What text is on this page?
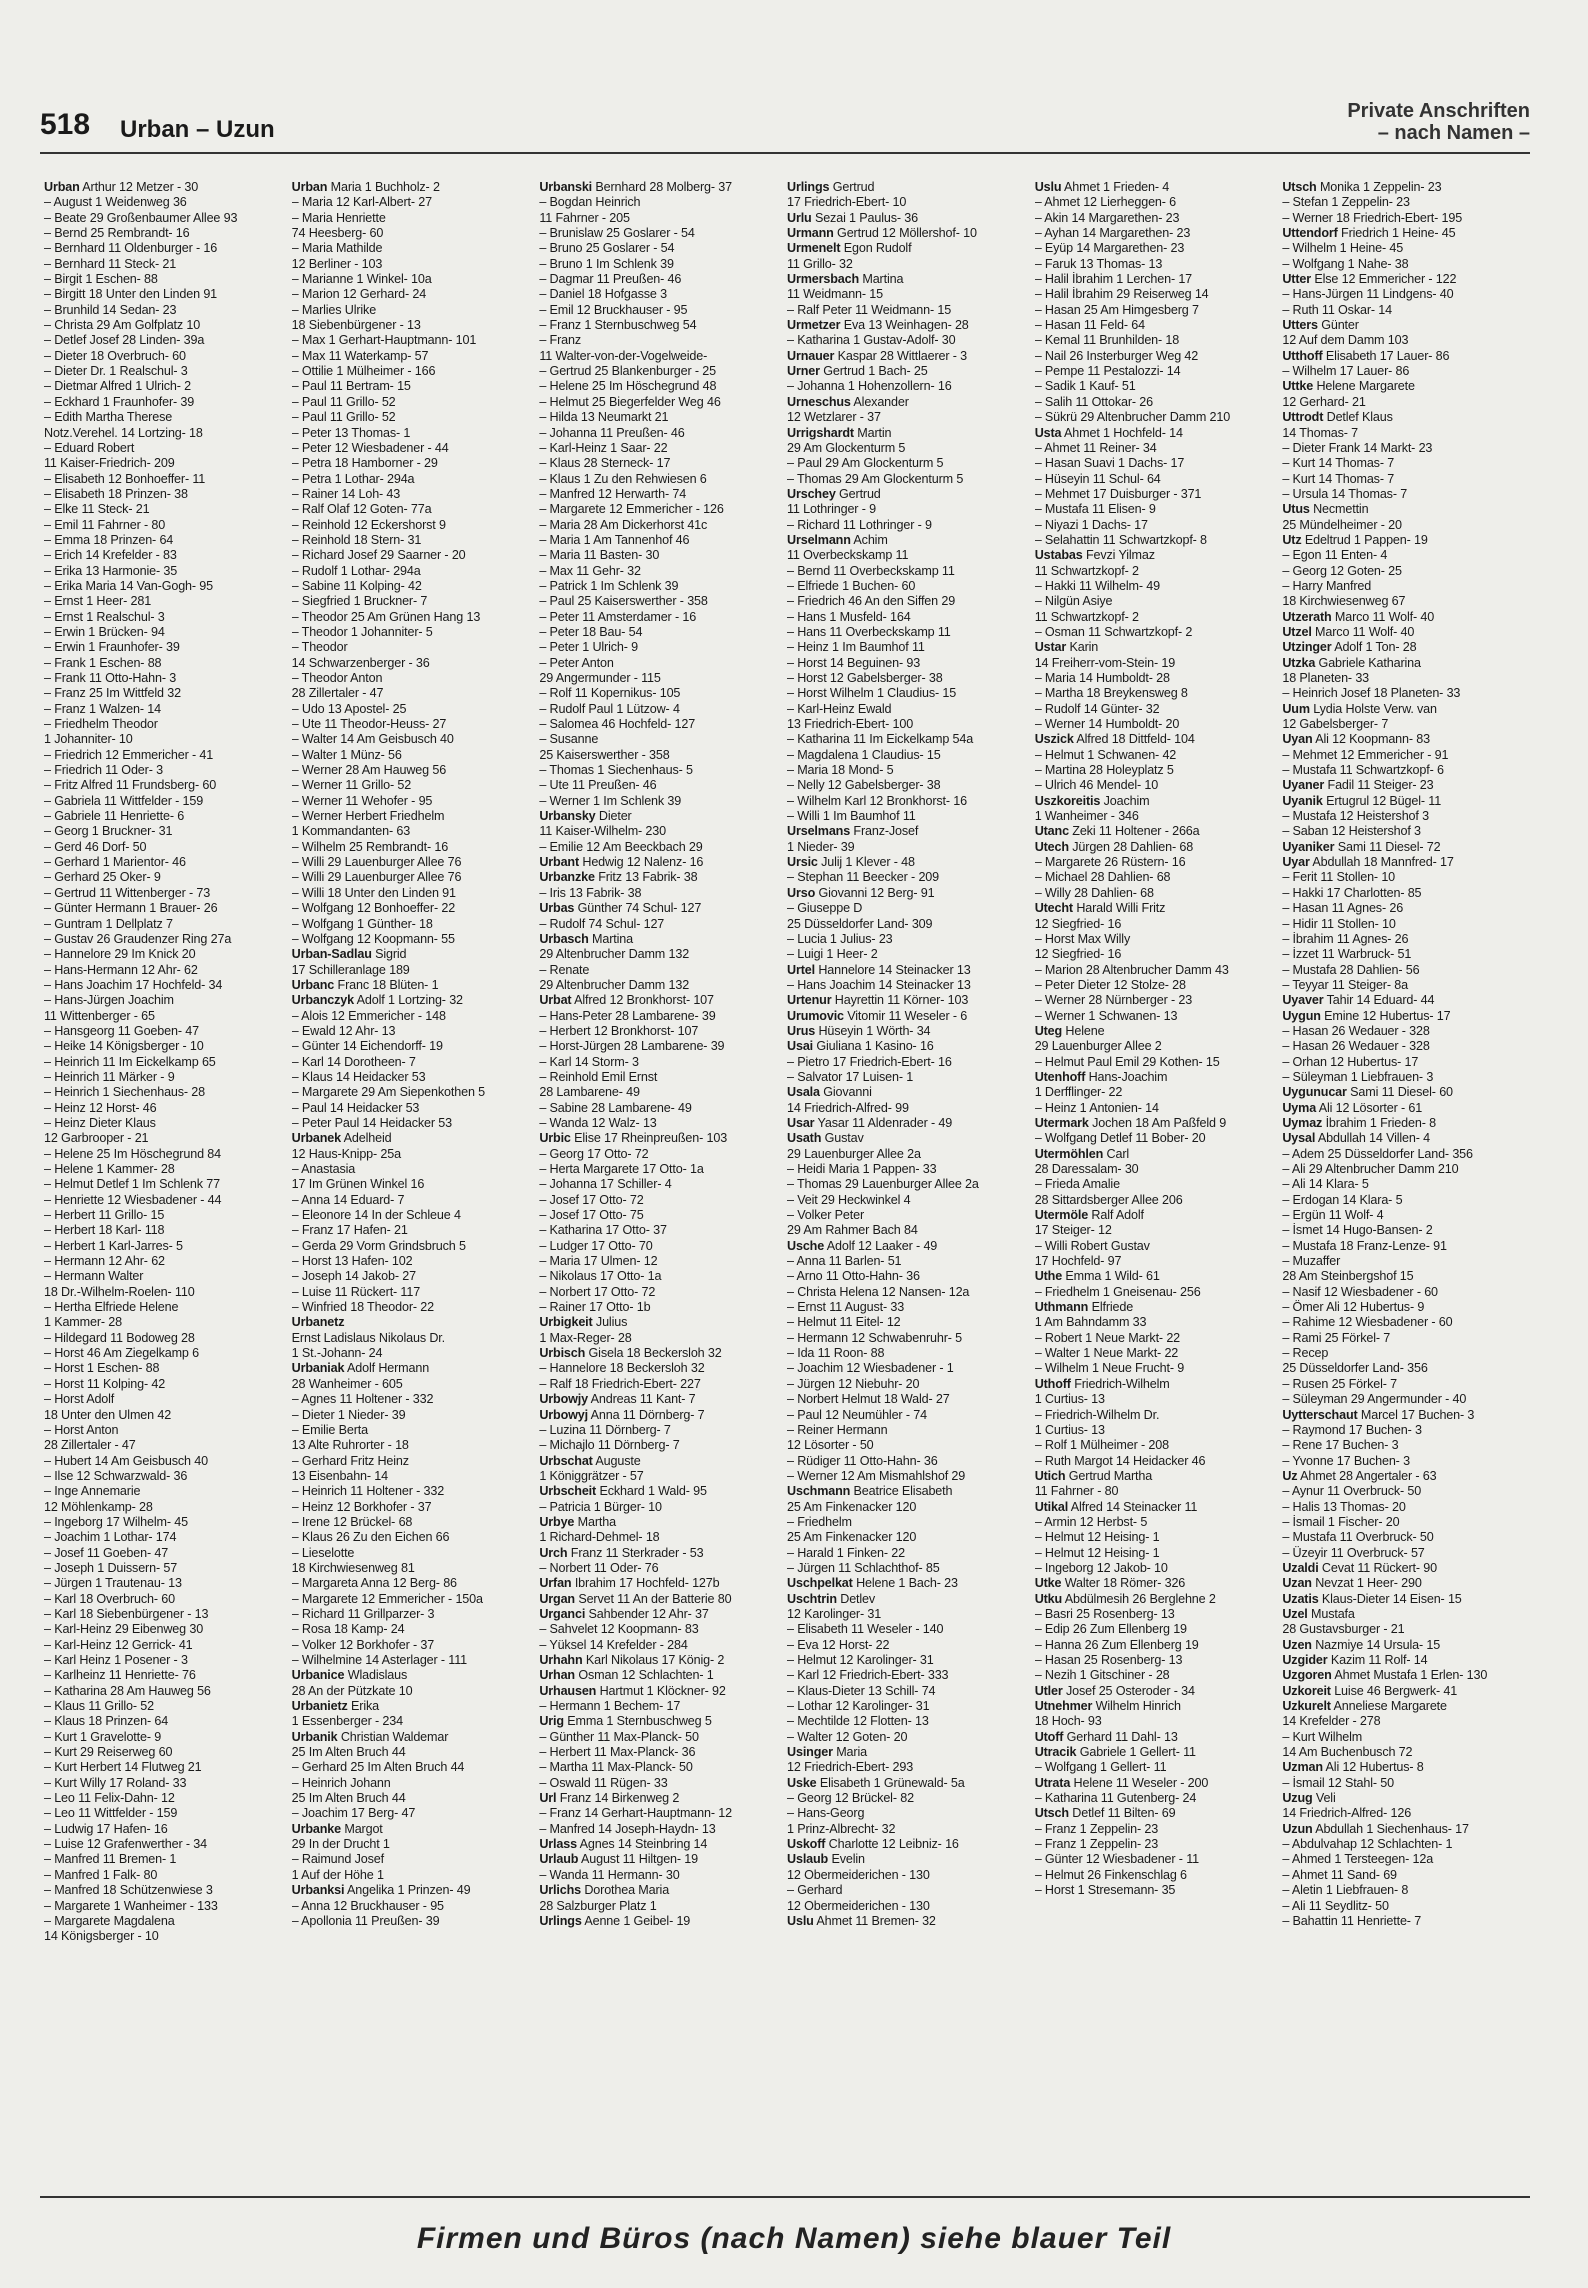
518 Urban – Uzun
Private Anschriften
– nach Namen –
Urban Arthur 12 Metzer - 30
– August 1 Weidenweg 36
– Beate 29 Großenbaumer Allee 93
– Bernd 25 Rembrandt- 16
– Bernhard 11 Oldenburger - 16
– Bernhard 11 Steck- 21
– Birgit 1 Eschen- 88
– Birgitt 18 Unter den Linden 91
– Brunhild 14 Sedan- 23
– Christa 29 Am Golfplatz 10
– Detlef Josef 28 Linden- 39a
– Dieter 18 Overbruch- 60
– Dieter Dr. 1 Realschul- 3
– Dietmar Alfred 1 Ulrich- 2
– Eckhard 1 Fraunhofer- 39
– Edith Martha Therese
Notz.Verehel. 14 Lortzing- 18
– Eduard Robert
11 Kaiser-Friedrich- 209
– Elisabeth 12 Bonhoeffer- 11
– Elisabeth 18 Prinzen- 38
– Elke 11 Steck- 21
– Emil 11 Fahrner - 80
– Emma 18 Prinzen- 64
– Erich 14 Krefelder - 83
– Erika 13 Harmonie- 35
– Erika Maria 14 Van-Gogh- 95
– Ernst 1 Heer- 281
– Ernst 1 Realschul- 3
– Erwin 1 Brücken- 94
– Erwin 1 Fraunhofer- 39
– Frank 1 Eschen- 88
– Frank 11 Otto-Hahn- 3
– Franz 25 Im Wittfeld 32
– Franz 1 Walzen- 14
– Friedhelm Theodor
1 Johanniter- 10
– Friedrich 12 Emmericher - 41
– Friedrich 11 Oder- 3
– Fritz Alfred 11 Frundsberg- 60
– Gabriela 11 Wittfelder - 159
– Gabriele 11 Henriette- 6
– Georg 1 Bruckner- 31
– Gerd 46 Dorf- 50
– Gerhard 1 Marientor- 46
– Gerhard 25 Oker- 9
– Gertrud 11 Wittenberger - 73
– Günter Hermann 1 Brauer- 26
– Guntram 1 Dellplatz 7
– Gustav 26 Graudenzer Ring 27a
– Hannelore 29 Im Knick 20
– Hans-Hermann 12 Ahr- 62
– Hans Joachim 17 Hochfeld- 34
– Hans-Jürgen Joachim
11 Wittenberger - 65
– Hansgeorg 11 Goeben- 47
– Heike 14 Königsberger - 10
– Heinrich 11 Im Eickelkamp 65
– Heinrich 11 Märker - 9
– Heinrich 1 Siechenhaus- 28
– Heinz 12 Horst- 46
– Heinz Dieter Klaus
12 Garbrooper - 21
– Helene 25 Im Höschegrund 84
– Helene 1 Kammer- 28
– Helmut Detlef 1 Im Schlenk 77
– Henriette 12 Wiesbadener - 44
– Herbert 11 Grillo- 15
– Herbert 18 Karl- 118
– Herbert 1 Karl-Jarres- 5
– Hermann 12 Ahr- 62
– Hermann Walter
18 Dr.-Wilhelm-Roelen- 110
– Hertha Elfriede Helene
1 Kammer- 28
– Hildegard 11 Bodoweg 28
– Horst 46 Am Ziegelkamp 6
– Horst 1 Eschen- 88
– Horst 11 Kolping- 42
– Horst Adolf
18 Unter den Ulmen 42
– Horst Anton
28 Zillertaler - 47
– Hubert 14 Am Geisbusch 40
– Ilse 12 Schwarzwald- 36
– Inge Annemarie
12 Möhlenkamp- 28
– Ingeborg 17 Wilhelm- 45
– Joachim 1 Lothar- 174
– Josef 11 Goeben- 47
– Joseph 1 Duissern- 57
– Jürgen 1 Trautenau- 13
– Karl 18 Overbruch- 60
– Karl 18 Siebenbürgener - 13
– Karl-Heinz 29 Eibenweg 30
– Karl-Heinz 12 Gerrick- 41
– Karl Heinz 1 Posener - 3
– Karlheinz 11 Henriette- 76
– Katharina 28 Am Hauweg 56
– Klaus 11 Grillo- 52
– Klaus 18 Prinzen- 64
– Kurt 1 Gravelotte- 9
– Kurt 29 Reiserweg 60
– Kurt Herbert 14 Flutweg 21
– Kurt Willy 17 Roland- 33
– Leo 11 Felix-Dahn- 12
– Leo 11 Wittfelder - 159
– Ludwig 17 Hafen- 16
– Luise 12 Grafenwerther - 34
– Manfred 11 Bremen- 1
– Manfred 1 Falk- 80
– Manfred 18 Schützenwiese 3
– Margarete 1 Wanheimer - 133
– Margarete Magdalena
14 Königsberger - 10
Urban Maria 1 Buchholz- 2
– Maria 12 Karl-Albert- 27
– Maria Henriette
74 Heesberg- 60
– Maria Mathilde
12 Berliner - 103
– Marianne 1 Winkel- 10a
– Marion 12 Gerhard- 24
– Marlies Ulrike
18 Siebenbürgener - 13
– Max 1 Gerhart-Hauptmann- 101
– Max 11 Waterkamp- 57
– Ottilie 1 Mülheimer - 166
– Paul 11 Bertram- 15
– Paul 11 Grillo- 52
– Paul 11 Grillo- 52
– Peter 13 Thomas- 1
– Peter 12 Wiesbadener - 44
– Petra 18 Hamborner - 29
– Petra 1 Lothar- 294a
– Rainer 14 Loh- 43
– Ralf Olaf 12 Goten- 77a
– Reinhold 12 Eckershorst 9
– Reinhold 18 Stern- 31
– Richard Josef 29 Saarner - 20
– Rudolf 1 Lothar- 294a
– Sabine 11 Kolping- 42
– Siegfried 1 Bruckner- 7
– Theodor 25 Am Grünen Hang 13
– Theodor 1 Johanniter- 5
– Theodor
14 Schwarzenberger - 36
– Theodor Anton
28 Zillertaler - 47
– Udo 13 Apostel- 25
– Ute 11 Theodor-Heuss- 27
– Walter 14 Am Geisbusch 40
– Walter 1 Münz- 56
– Werner 28 Am Hauweg 56
– Werner 11 Grillo- 52
– Werner 11 Wehofer - 95
– Werner Herbert Friedhelm
1 Kommandanten- 63
– Wilhelm 25 Rembrandt- 16
– Willi 29 Lauenburger Allee 76
– Willi 29 Lauenburger Allee 76
– Willi 18 Unter den Linden 91
– Wolfgang 12 Bonhoeffer- 22
– Wolfgang 1 Günther- 18
– Wolfgang 12 Koopmann- 55
Urban-Sadlau Sigrid
17 Schilleranlage 189
Urbanc Franc 18 Blüten- 1
Urbanczyk Adolf 1 Lortzing- 32
– Alois 12 Emmericher - 148
– Ewald 12 Ahr- 13
– Günter 14 Eichendorff- 19
– Karl 14 Dorotheen- 7
– Klaus 14 Heidacker 53
– Margarete 29 Am Siepenkothen 5
– Paul 14 Heidacker 53
– Peter Paul 14 Heidacker 53
Urbanek Adelheid
12 Haus-Knipp- 25a
– Anastasia
17 Im Grünen Winkel 16
– Anna 14 Eduard- 7
– Eleonore 14 In der Schleue 4
– Franz 17 Hafen- 21
– Gerda 29 Vorm Grindsbruch 5
– Horst 13 Hafen- 102
– Joseph 14 Jakob- 27
– Luise 11 Rückert- 117
– Winfried 18 Theodor- 22
Urbanetz
Ernst Ladislaus Nikolaus Dr.
1 St.-Johann- 24
Urbaniak Adolf Hermann
28 Wanheimer - 605
– Agnes 11 Holtener - 332
– Dieter 1 Nieder- 39
– Emilie Berta
13 Alte Ruhrorter - 18
– Gerhard Fritz Heinz
13 Eisenbahn- 14
– Heinrich 11 Holtener - 332
– Heinz 12 Borkhofer - 37
– Irene 12 Brückel- 68
– Klaus 26 Zu den Eichen 66
– Lieselotte
18 Kirchwiesenweg 81
– Margareta Anna 12 Berg- 86
– Margarete 12 Emmericher - 150a
– Richard 11 Grillparzer- 3
– Rosa 18 Kamp- 24
– Volker 12 Borkhofer - 37
– Wilhelmine 14 Asterlager - 111
Urbanice Wladislaus
28 An der Pützkate 10
Urbanietz Erika
1 Essenberger - 234
Urbanik Christian Waldemar
25 Im Alten Bruch 44
– Gerhard 25 Im Alten Bruch 44
– Heinrich Johann
25 Im Alten Bruch 44
– Joachim 17 Berg- 47
Urbanke Margot
29 In der Drucht 1
– Raimund Josef
1 Auf der Höhe 1
Urbanksi Angelika 1 Prinzen- 49
– Anna 12 Bruckhauser - 95
– Apollonia 11 Preußen- 39
Urbanski Bernhard 28 Molberg- 37
– Bogdan Heinrich
11 Fahrner - 205
– Brunislaw 25 Goslarer - 54
– Bruno 25 Goslarer - 54
– Bruno 1 Im Schlenk 39
– Dagmar 11 Preußen- 46
– Daniel 18 Hofgasse 3
– Emil 12 Bruckhauser - 95
– Franz 1 Sternbuschweg 54
– Franz
11 Walter-von-der-Vogelweide-
– Gertrud 25 Blankenburger - 25
– Helene 25 Im Höschegrund 48
– Helmut 25 Biegerfelder Weg 46
– Hilda 13 Neumarkt 21
– Johanna 11 Preußen- 46
– Karl-Heinz 1 Saar- 22
– Klaus 28 Sterneck- 17
– Klaus 1 Zu den Rehwiesen 6
– Manfred 12 Herwarth- 74
– Margarete 12 Emmericher - 126
– Maria 28 Am Dickerhorst 41c
– Maria 1 Am Tannenhof 46
– Maria 11 Basten- 30
– Max 11 Gehr- 32
– Patrick 1 Im Schlenk 39
– Paul 25 Kaiserswerther - 358
– Peter 11 Amsterdamer - 16
– Peter 18 Bau- 54
– Peter 1 Ulrich- 9
– Peter Anton
29 Angermunder - 115
– Rolf 11 Kopernikus- 105
– Rudolf Paul 1 Lützow- 4
– Salomea 46 Hochfeld- 127
– Susanne
25 Kaiserswerther - 358
– Thomas 1 Siechenhaus- 5
– Ute 11 Preußen- 46
– Werner 1 Im Schlenk 39
Urbansky Dieter
11 Kaiser-Wilhelm- 230
– Emilie 12 Am Beeckbach 29
Urbant Hedwig 12 Nalenz- 16
Urbanzke Fritz 13 Fabrik- 38
– Iris 13 Fabrik- 38
Urbas Günther 74 Schul- 127
– Rudolf 74 Schul- 127
Urbasch Martina
29 Altenbrucher Damm 132
– Renate
29 Altenbrucher Damm 132
Urbat Alfred 12 Bronkhorst- 107
– Hans-Peter 28 Lambarene- 39
– Herbert 12 Bronkhorst- 107
– Horst-Jürgen 28 Lambarene- 39
– Karl 14 Storm- 3
– Reinhold Emil Ernst
28 Lambarene- 49
– Sabine 28 Lambarene- 49
– Wanda 12 Walz- 13
Urbic Elise 17 Rheinpreußen- 103
– Georg 17 Otto- 72
– Herta Margarete 17 Otto- 1a
– Johanna 17 Schiller- 4
– Josef 17 Otto- 72
– Josef 17 Otto- 75
– Katharina 17 Otto- 37
– Ludger 17 Otto- 70
– Maria 17 Ulmen- 12
– Nikolaus 17 Otto- 1a
– Norbert 17 Otto- 72
– Rainer 17 Otto- 1b
Urbigkeit Julius
1 Max-Reger- 28
Urbisch Gisela 18 Beckersloh 32
– Hannelore 18 Beckersloh 32
– Ralf 18 Friedrich-Ebert- 227
Urbowjy Andreas 11 Kant- 7
Urbowyj Anna 11 Dörnberg- 7
– Luzina 11 Dörnberg- 7
– Michajlo 11 Dörnberg- 7
Urbschat Auguste
1 Königgrätzer - 57
Urbscheit Eckhard 1 Wald- 95
– Patricia 1 Bürger- 10
Urbye Martha
1 Richard-Dehmel- 18
Urch Franz 11 Sterkrader - 53
– Norbert 11 Oder- 76
Urfan Ibrahim 17 Hochfeld- 127b
Urgan Servet 11 An der Batterie 80
Urganci Sahbender 12 Ahr- 37
– Sahvelet 12 Koopmann- 83
– Yüksel 14 Krefelder - 284
Urhahn Karl Nikolaus 17 König- 2
Urhan Osman 12 Schlachten- 1
Urhausen Hartmut 1 Klöckner- 92
– Hermann 1 Bechem- 17
Urig Emma 1 Sternbuschweg 5
– Günther 11 Max-Planck- 50
– Herbert 11 Max-Planck- 36
– Martha 11 Max-Planck- 50
– Oswald 11 Rügen- 33
Url Franz 14 Birkenweg 2
– Franz 14 Gerhart-Hauptmann- 12
– Manfred 14 Joseph-Haydn- 13
Urlass Agnes 14 Steinbring 14
Urlaub August 11 Hiltgen- 19
– Wanda 11 Hermann- 30
Urlichs Dorothea Maria
28 Salzburger Platz 1
Urlings Aenne 1 Geibel- 19
Urlings Gertrud
17 Friedrich-Ebert- 10
Urlu Sezai 1 Paulus- 36
Urmann Gertrud 12 Möllershof- 10
Urmenelt Egon Rudolf
11 Grillo- 32
Urmersbach Martina
11 Weidmann- 15
– Ralf Peter 11 Weidmann- 15
Urmetzer Eva 13 Weinhagen- 28
– Katharina 1 Gustav-Adolf- 30
Urnauer Kaspar 28 Wittlaerer - 3
Urner Gertrud 1 Bach- 25
– Johanna 1 Hohenzollern- 16
Urneschus Alexander
12 Wetzlarer - 37
Urrigshardt Martin
29 Am Glockenturm 5
– Paul 29 Am Glockenturm 5
– Thomas 29 Am Glockenturm 5
Urschey Gertrud
11 Lothringer - 9
– Richard 11 Lothringer - 9
Urselmann Achim
11 Overbeckskamp 11
– Bernd 11 Overbeckskamp 11
– Elfriede 1 Buchen- 60
– Friedrich 46 An den Siffen 29
– Hans 1 Musfeld- 164
– Hans 11 Overbeckskamp 11
– Heinz 1 Im Baumhof 11
– Horst 14 Beguinen- 93
– Horst 12 Gabelsberger- 38
– Horst Wilhelm 1 Claudius- 15
– Karl-Heinz Ewald
13 Friedrich-Ebert- 100
– Katharina 11 Im Eickelkamp 54a
– Magdalena 1 Claudius- 15
– Maria 18 Mond- 5
– Nelly 12 Gabelsberger- 38
– Wilhelm Karl 12 Bronkhorst- 16
– Willi 1 Im Baumhof 11
Urselmans Franz-Josef
1 Nieder- 39
Ursic Julij 1 Klever - 48
– Stephan 11 Beecker - 209
Urso Giovanni 12 Berg- 91
– Giuseppe D
25 Düsseldorfer Land- 309
– Lucia 1 Julius- 23
– Luigi 1 Heer- 2
Urtel Hannelore 14 Steinacker 13
– Hans Joachim 14 Steinacker 13
Urtenur Hayrettin 11 Körner- 103
Urumovic Vitomir 11 Weseler - 6
Urus Hüseyin 1 Wörth- 34
Usai Giuliana 1 Kasino- 16
– Pietro 17 Friedrich-Ebert- 16
– Salvator 17 Luisen- 1
Usala Giovanni
14 Friedrich-Alfred- 99
Usar Yasar 11 Aldenrader - 49
Usath Gustav
29 Lauenburger Allee 2a
– Heidi Maria 1 Pappen- 33
– Thomas 29 Lauenburger Allee 2a
– Veit 29 Heckwinkel 4
– Volker Peter
29 Am Rahmer Bach 84
Usche Adolf 12 Laaker - 49
– Anna 11 Barlen- 51
– Arno 11 Otto-Hahn- 36
– Christa Helena 12 Nansen- 12a
– Ernst 11 August- 33
– Helmut 11 Eitel- 12
– Hermann 12 Schwabenruhr- 5
– Ida 11 Roon- 88
– Joachim 12 Wiesbadener - 1
– Jürgen 12 Niebuhr- 20
– Norbert Helmut 18 Wald- 27
– Paul 12 Neumühler - 74
– Reiner Hermann
12 Lösorter - 50
– Rüdiger 11 Otto-Hahn- 36
– Werner 12 Am Mismahlshof 29
Uschmann Beatrice Elisabeth
25 Am Finkenacker 120
– Friedhelm
25 Am Finkenacker 120
– Harald 1 Finken- 22
– Jürgen 11 Schlachthof- 85
Uschpelkat Helene 1 Bach- 23
Uschtrin Detlev
12 Karolinger- 31
– Elisabeth 11 Weseler - 140
– Eva 12 Horst- 22
– Helmut 12 Karolinger- 31
– Karl 12 Friedrich-Ebert- 333
– Klaus-Dieter 13 Schill- 74
– Lothar 12 Karolinger- 31
– Mechtilde 12 Flotten- 13
– Walter 12 Goten- 20
Usinger Maria
12 Friedrich-Ebert- 293
Uske Elisabeth 1 Grünewald- 5a
– Georg 12 Brückel- 82
– Hans-Georg
1 Prinz-Albrecht- 32
Uskoff Charlotte 12 Leibniz- 16
Uslaub Evelin
12 Obermeiderichen - 130
– Gerhard
12 Obermeiderichen - 130
Uslu Ahmet 11 Bremen- 32
Uslu Ahmet 1 Frieden- 4
– Ahmet 12 Lierheggen- 6
– Akin 14 Margarethen- 23
– Ayhan 14 Margarethen- 23
– Eyüp 14 Margarethen- 23
– Faruk 13 Thomas- 13
– Halil İbrahim 1 Lerchen- 17
– Halil İbrahim 29 Reiserweg 14
– Hasan 25 Am Himgesberg 7
– Hasan 11 Feld- 64
– Kemal 11 Brunhilden- 18
– Nail 26 Insterburger Weg 42
– Pempe 11 Pestalozzi- 14
– Sadik 1 Kauf- 51
– Salih 11 Ottokar- 26
– Sükrü 29 Altenbrucher Damm 210
Usta Ahmet 1 Hochfeld- 14
– Ahmet 11 Reiner- 34
– Hasan Suavi 1 Dachs- 17
– Hüseyin 11 Schul- 64
– Mehmet 17 Duisburger - 371
– Mustafa 11 Elisen- 9
– Niyazi 1 Dachs- 17
– Selahattin 11 Schwartzkopf- 8
Ustabas Fevzi Yilmaz
11 Schwartzkopf- 2
– Hakki 11 Wilhelm- 49
– Nilgün Asiye
11 Schwartzkopf- 2
– Osman 11 Schwartzkopf- 2
Ustar Karin
14 Freiherr-vom-Stein- 19
– Maria 14 Humboldt- 28
– Martha 18 Breykensweg 8
– Rudolf 14 Günter- 32
– Werner 14 Humboldt- 20
Uszick Alfred 18 Dittfeld- 104
– Helmut 1 Schwanen- 42
– Martina 28 Holeyplatz 5
– Ulrich 46 Mendel- 10
Uszkoreitis Joachim
1 Wanheimer - 346
Utanc Zeki 11 Holtener - 266a
Utech Jürgen 28 Dahlien- 68
– Margarete 26 Rüstern- 16
– Michael 28 Dahlien- 68
– Willy 28 Dahlien- 68
Utecht Harald Willi Fritz
12 Siegfried- 16
– Horst Max Willy
12 Siegfried- 16
– Marion 28 Altenbrucher Damm 43
– Peter Dieter 12 Stolze- 28
– Werner 28 Nürnberger - 23
– Werner 1 Schwanen- 13
Uteg Helene
29 Lauenburger Allee 2
– Helmut Paul Emil 29 Kothen- 15
Utenhoff Hans-Joachim
1 Derfflinger- 22
– Heinz 1 Antonien- 14
Utermark Jochen 18 Am Paßfeld 9
– Wolfgang Detlef 11 Bober- 20
Utermöhlen Carl
28 Daressalam- 30
– Frieda Amalie
28 Sittardsberger Allee 206
Utermöle Ralf Adolf
17 Steiger- 12
– Willi Robert Gustav
17 Hochfeld- 97
Uthe Emma 1 Wild- 61
– Friedhelm 1 Gneisenau- 256
Uthmann Elfriede
1 Am Bahndamm 33
– Robert 1 Neue Markt- 22
– Walter 1 Neue Markt- 22
– Wilhelm 1 Neue Frucht- 9
Uthoff Friedrich-Wilhelm
1 Curtius- 13
– Friedrich-Wilhelm Dr.
1 Curtius- 13
– Rolf 1 Mülheimer - 208
– Ruth Margot 14 Heidacker 46
Utich Gertrud Martha
11 Fahrner - 80
Utikal Alfred 14 Steinacker 11
– Armin 12 Herbst- 5
– Helmut 12 Heising- 1
– Helmut 12 Heising- 1
– Ingeborg 12 Jakob- 10
Utke Walter 18 Römer- 326
Utku Abdülmesih 26 Berglehne 2
– Basri 25 Rosenberg- 13
– Edip 26 Zum Ellenberg 19
– Hanna 26 Zum Ellenberg 19
– Hasan 25 Rosenberg- 13
– Nezih 1 Gitschiner - 28
Utler Josef 25 Osteroder - 34
Utnehmer Wilhelm Hinrich
18 Hoch- 93
Utoff Gerhard 11 Dahl- 13
Utracik Gabriele 1 Gellert- 11
– Wolfgang 1 Gellert- 11
Utrata Helene 11 Weseler - 200
– Katharina 11 Gutenberg- 24
Utsch Detlef 11 Bilten- 69
– Franz 1 Zeppelin- 23
– Franz 1 Zeppelin- 23
– Günter 12 Wiesbadener - 11
– Helmut 26 Finkenschlag 6
– Horst 1 Stresemann- 35
Utsch Monika 1 Zeppelin- 23
– Stefan 1 Zeppelin- 23
– Werner 18 Friedrich-Ebert- 195
Uttendorf Friedrich 1 Heine- 45
– Wilhelm 1 Heine- 45
– Wolfgang 1 Nahe- 38
Utter Else 12 Emmericher - 122
– Hans-Jürgen 11 Lindgens- 40
– Ruth 11 Oskar- 14
Utters Günter
12 Auf dem Damm 103
Utthoff Elisabeth 17 Lauer- 86
– Wilhelm 17 Lauer- 86
Uttke Helene Margarete
12 Gerhard- 21
Uttrodt Detlef Klaus
14 Thomas- 7
– Dieter Frank 14 Markt- 23
– Kurt 14 Thomas- 7
– Kurt 14 Thomas- 7
– Ursula 14 Thomas- 7
Utus Necmettin
25 Mündelheimer - 20
Utz Edeltrud 1 Pappen- 19
– Egon 11 Enten- 4
– Georg 12 Goten- 25
– Harry Manfred
18 Kirchwiesenweg 67
Utzerath Marco 11 Wolf- 40
Utzel Marco 11 Wolf- 40
Utzinger Adolf 1 Ton- 28
Utzka Gabriele Katharina
18 Planeten- 33
– Heinrich Josef 18 Planeten- 33
Uum Lydia Holste Verw. van
12 Gabelsberger- 7
Uyan Ali 12 Koopmann- 83
– Mehmet 12 Emmericher - 91
– Mustafa 11 Schwartzkopf- 6
Uyaner Fadil 11 Steiger- 23
Uyanik Ertugrul 12 Bügel- 11
– Mustafa 12 Heistershof 3
– Saban 12 Heistershof 3
Uyaniker Sami 11 Diesel- 72
Uyar Abdullah 18 Mannfred- 17
– Ferit 11 Stollen- 10
– Hakki 17 Charlotten- 85
– Hasan 11 Agnes- 26
– Hidir 11 Stollen- 10
– İbrahim 11 Agnes- 26
– İzzet 11 Warbruck- 51
– Mustafa 28 Dahlien- 56
– Teyyar 11 Steiger- 8a
Uyaver Tahir 14 Eduard- 44
Uygun Emine 12 Hubertus- 17
– Hasan 26 Wedauer - 328
– Hasan 26 Wedauer - 328
– Orhan 12 Hubertus- 17
– Süleyman 1 Liebfrauen- 3
Uygunucar Sami 11 Diesel- 60
Uyma Ali 12 Lösorter - 61
Uymaz İbrahim 1 Frieden- 8
Uysal Abdullah 14 Villen- 4
– Adem 25 Düsseldorfer Land- 356
– Ali 29 Altenbrucher Damm 210
– Ali 14 Klara- 5
– Erdogan 14 Klara- 5
– Ergün 11 Wolf- 4
– İsmet 14 Hugo-Bansen- 2
– Mustafa 18 Franz-Lenze- 91
– Muzaffer
28 Am Steinbergshof 15
– Nasif 12 Wiesbadener - 60
– Ömer Ali 12 Hubertus- 9
– Rahime 12 Wiesbadener - 60
– Rami 25 Förkel- 7
– Recep
25 Düsseldorfer Land- 356
– Rusen 25 Förkel- 7
– Süleyman 29 Angermunder - 40
Uytterschaut Marcel 17 Buchen- 3
– Raymond 17 Buchen- 3
– Rene 17 Buchen- 3
– Yvonne 17 Buchen- 3
Uz Ahmet 28 Angertaler - 63
– Aynur 11 Overbruck- 50
– Halis 13 Thomas- 20
– İsmail 1 Fischer- 20
– Mustafa 11 Overbruck- 50
– Üzeyir 11 Overbruck- 57
Uzaldi Cevat 11 Rückert- 90
Uzan Nevzat 1 Heer- 290
Uzatis Klaus-Dieter 14 Eisen- 15
Uzel Mustafa
28 Gustavsburger - 21
Uzen Nazmiye 14 Ursula- 15
Uzgider Kazim 11 Rolf- 14
Uzgoren Ahmet Mustafa 1 Erlen- 130
Uzkoreit Luise 46 Bergwerk- 41
Uzkurelt Anneliese Margarete
14 Krefelder - 278
– Kurt Wilhelm
14 Am Buchenbusch 72
Uzman Ali 12 Hubertus- 8
– İsmail 12 Stahl- 50
Uzug Veli
14 Friedrich-Alfred- 126
Uzun Abdullah 1 Siechenhaus- 17
– Abdulvahap 12 Schlachten- 1
– Ahmed 1 Tersteegen- 12a
– Ahmet 11 Sand- 69
– Aletin 1 Liebfrauen- 8
– Ali 11 Seydlitz- 50
– Bahattin 11 Henriette- 7
Firmen und Büros (nach Namen) siehe blauer Teil
